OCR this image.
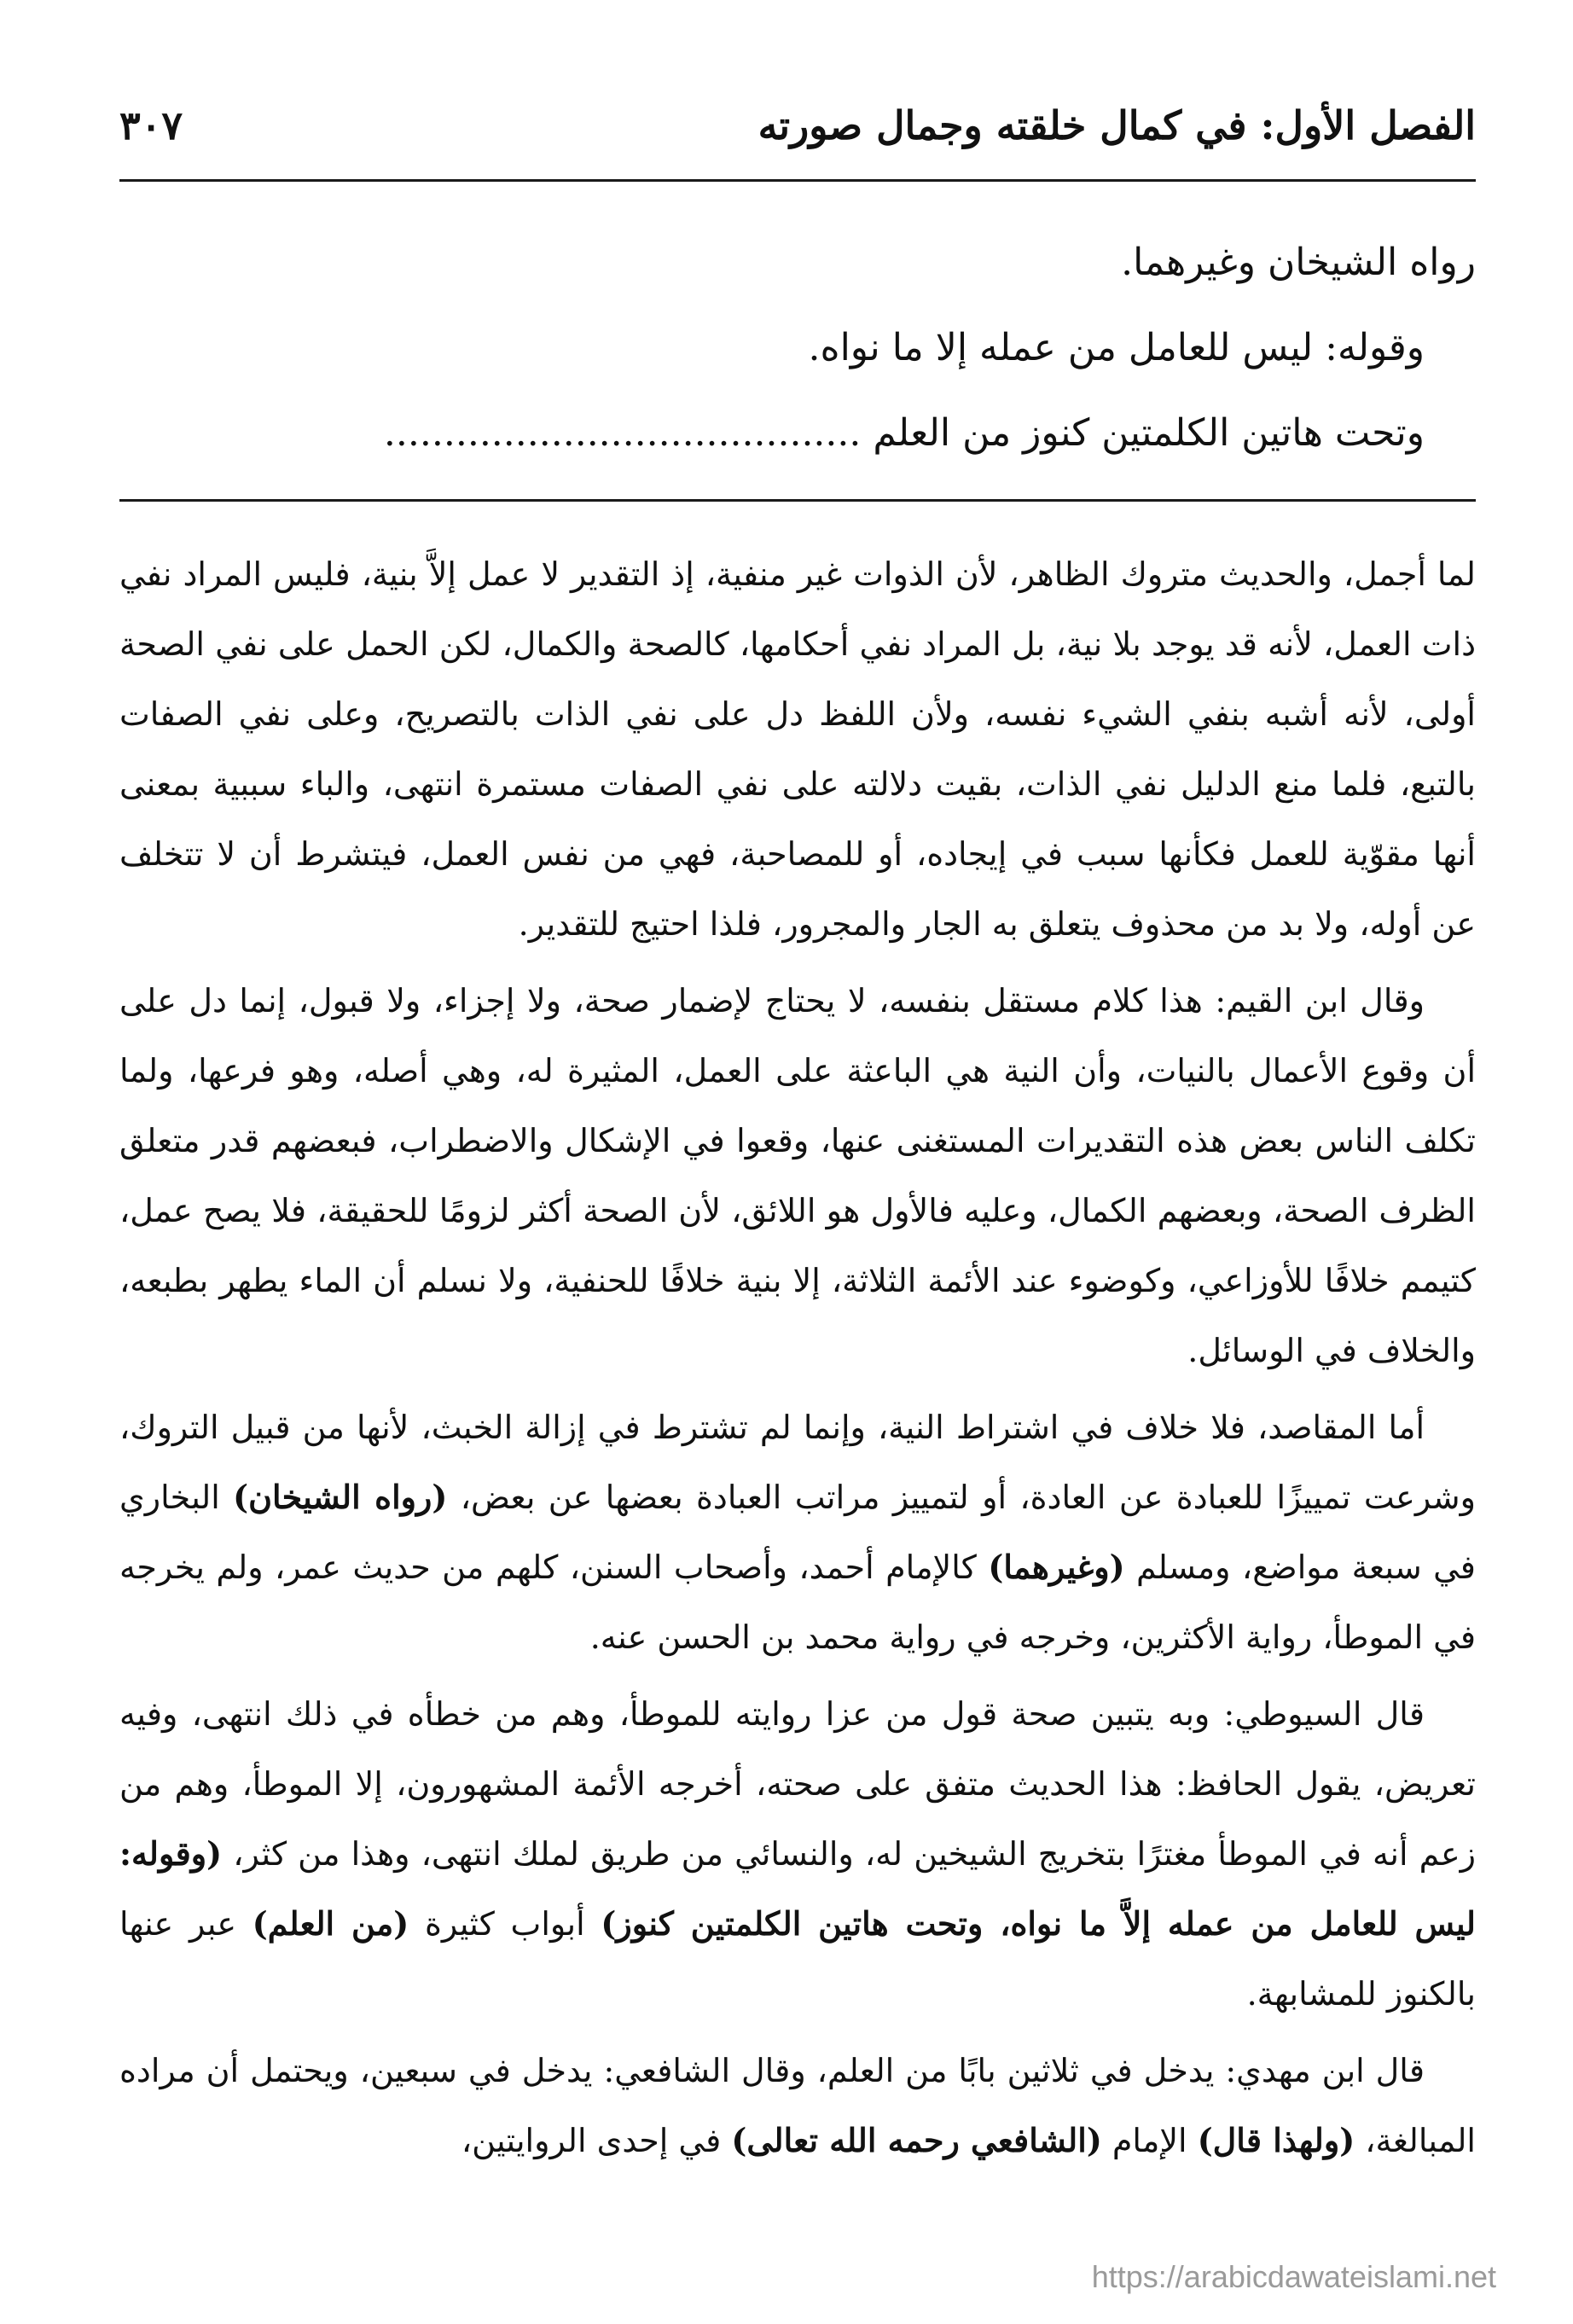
الفصل الأول: في كمال خلقته وجمال صورته
٣٠٧

رواه الشيخان وغيرهما.

وقوله: ليس للعامل من عمله إلا ما نواه.

وتحت هاتين الكلمتين كنوز من العلم ........................................

لما أجمل، والحديث متروك الظاهر، لأن الذوات غير منفية، إذ التقدير لا عمل إلاَّ بنية، فليس المراد نفي ذات العمل، لأنه قد يوجد بلا نية، بل المراد نفي أحكامها، كالصحة والكمال، لكن الحمل على نفي الصحة أولى، لأنه أشبه بنفي الشيء نفسه، ولأن اللفظ دل على نفي الذات بالتصريح، وعلى نفي الصفات بالتبع، فلما منع الدليل نفي الذات، بقيت دلالته على نفي الصفات مستمرة انتهى، والباء سببية بمعنى أنها مقوّية للعمل فكأنها سبب في إيجاده، أو للمصاحبة، فهي من نفس العمل، فيتشرط أن لا تتخلف عن أوله، ولا بد من محذوف يتعلق به الجار والمجرور، فلذا احتيج للتقدير.

وقال ابن القيم: هذا كلام مستقل بنفسه، لا يحتاج لإضمار صحة، ولا إجزاء، ولا قبول، إنما دل على أن وقوع الأعمال بالنيات، وأن النية هي الباعثة على العمل، المثيرة له، وهي أصله، وهو فرعها، ولما تكلف الناس بعض هذه التقديرات المستغنى عنها، وقعوا في الإشكال والاضطراب، فبعضهم قدر متعلق الظرف الصحة، وبعضهم الكمال، وعليه فالأول هو اللائق، لأن الصحة أكثر لزومًا للحقيقة، فلا يصح عمل، كتيمم خلافًا للأوزاعي، وكوضوء عند الأئمة الثلاثة، إلا بنية خلافًا للحنفية، ولا نسلم أن الماء يطهر بطبعه، والخلاف في الوسائل.

أما المقاصد، فلا خلاف في اشتراط النية، وإنما لم تشترط في إزالة الخبث، لأنها من قبيل التروك، وشرعت تمييزًا للعبادة عن العادة، أو لتمييز مراتب العبادة بعضها عن بعض، (رواه الشيخان) البخاري في سبعة مواضع، ومسلم (وغيرهما) كالإمام أحمد، وأصحاب السنن، كلهم من حديث عمر، ولم يخرجه في الموطأ، رواية الأكثرين، وخرجه في رواية محمد بن الحسن عنه.

قال السيوطي: وبه يتبين صحة قول من عزا روايته للموطأ، وهم من خطأه في ذلك انتهى، وفيه تعريض، يقول الحافظ: هذا الحديث متفق على صحته، أخرجه الأئمة المشهورون، إلا الموطأ، وهم من زعم أنه في الموطأ مغترًا بتخريج الشيخين له، والنسائي من طريق لملك انتهى، وهذا من كثر، (وقوله: ليس للعامل من عمله إلاَّ ما نواه، وتحت هاتين الكلمتين كنوز) أبواب كثيرة (من العلم) عبر عنها بالكنوز للمشابهة.

قال ابن مهدي: يدخل في ثلاثين بابًا من العلم، وقال الشافعي: يدخل في سبعين، ويحتمل أن مراده المبالغة، (ولهذا قال) الإمام (الشافعي رحمه الله تعالى) في إحدى الروايتين،

https://arabicdawateislami.net
